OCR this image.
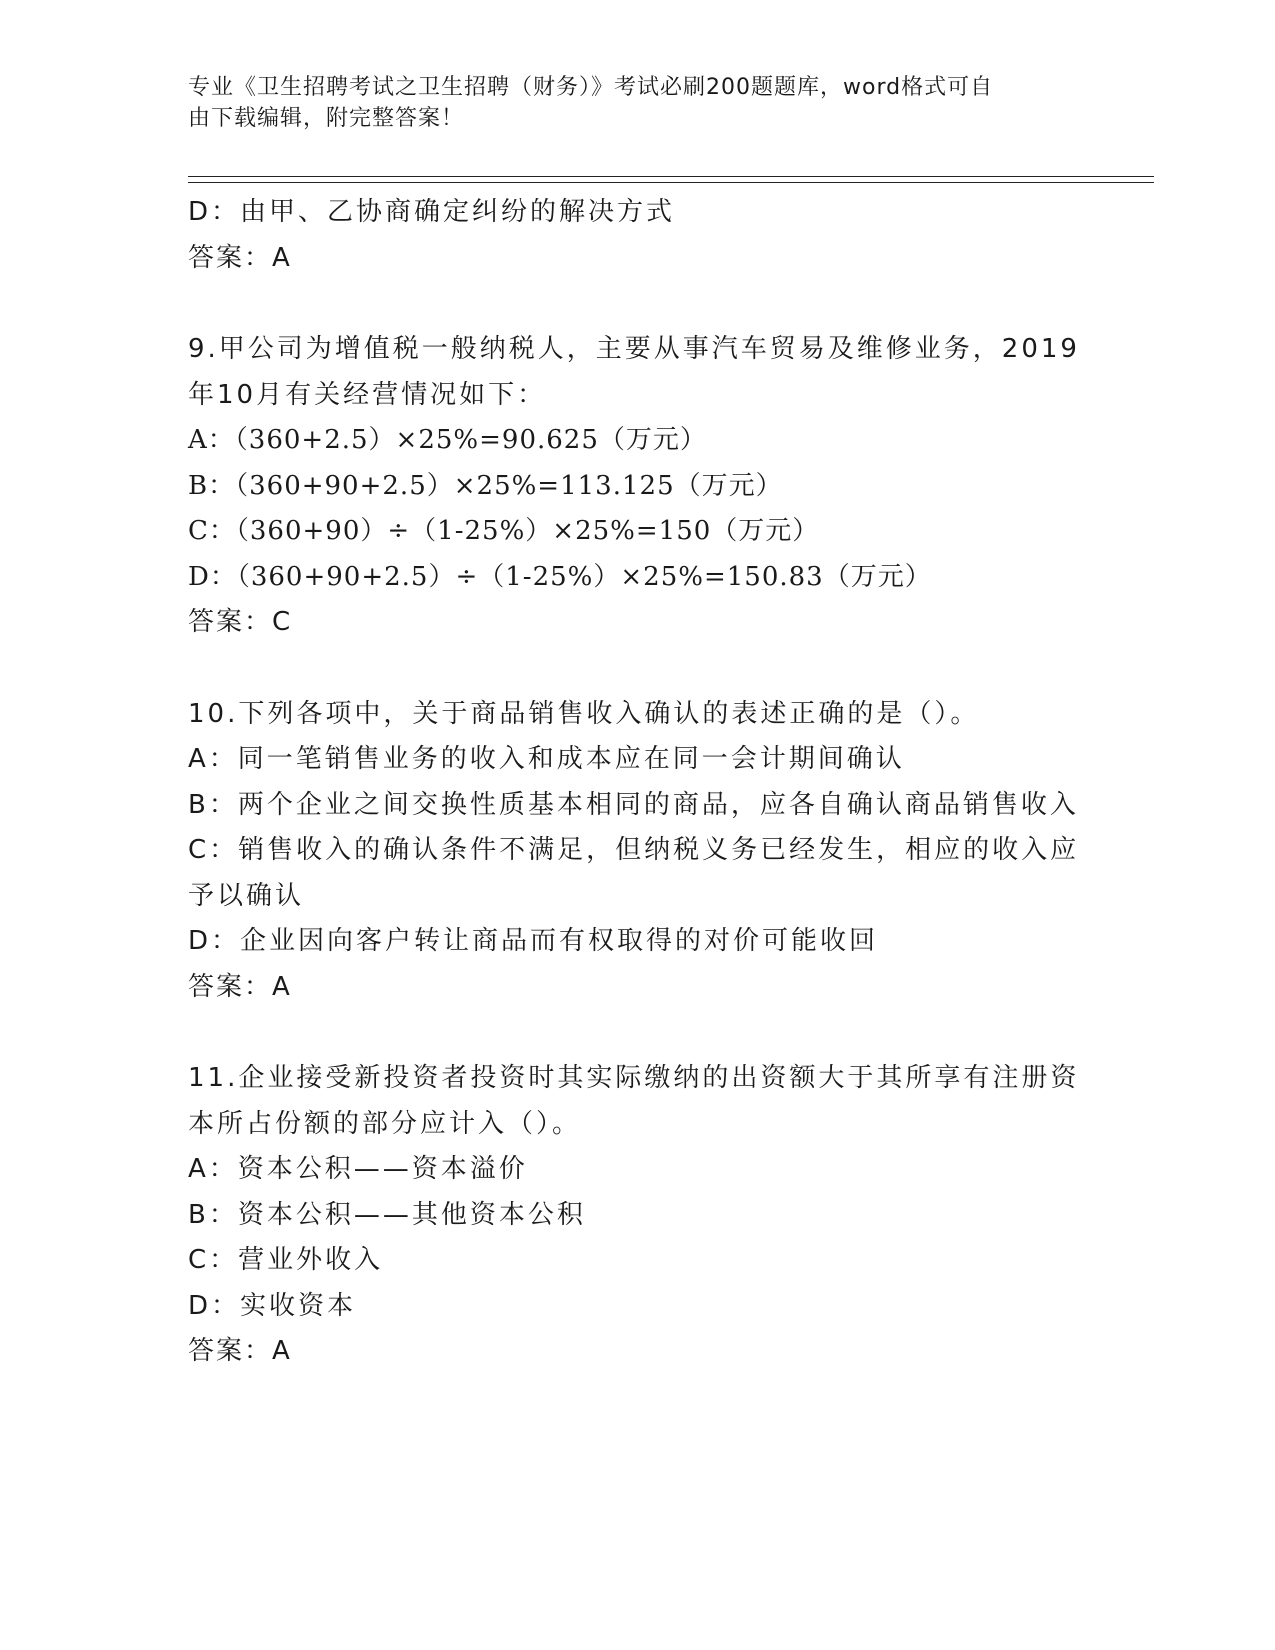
专业《卫生招聘考试之卫生招聘（财务）》考试必刷200题题库，word格式可自
由下载编辑，附完整答案！
D：由甲、乙协商确定纠纷的解决方式
答案：A
9.甲公司为增值税一般纳税人，主要从事汽车贸易及维修业务，2019
年10月有关经营情况如下：
A：（360+2.5）×25%=90.625（万元）
B：（360+90+2.5）×25%=113.125（万元）
C：（360+90）÷（1-25%）×25%=150（万元）
D：（360+90+2.5）÷（1-25%）×25%=150.83（万元）
答案：C
10.下列各项中，关于商品销售收入确认的表述正确的是（）。
A：同一笔销售业务的收入和成本应在同一会计期间确认
B：两个企业之间交换性质基本相同的商品，应各自确认商品销售收入
C：销售收入的确认条件不满足，但纳税义务已经发生，相应的收入应
予以确认
D：企业因向客户转让商品而有权取得的对价可能收回
答案：A
11.企业接受新投资者投资时其实际缴纳的出资额大于其所享有注册资
本所占份额的部分应计入（）。
A：资本公积——资本溢价
B：资本公积——其他资本公积
C：营业外收入
D：实收资本
答案：A
